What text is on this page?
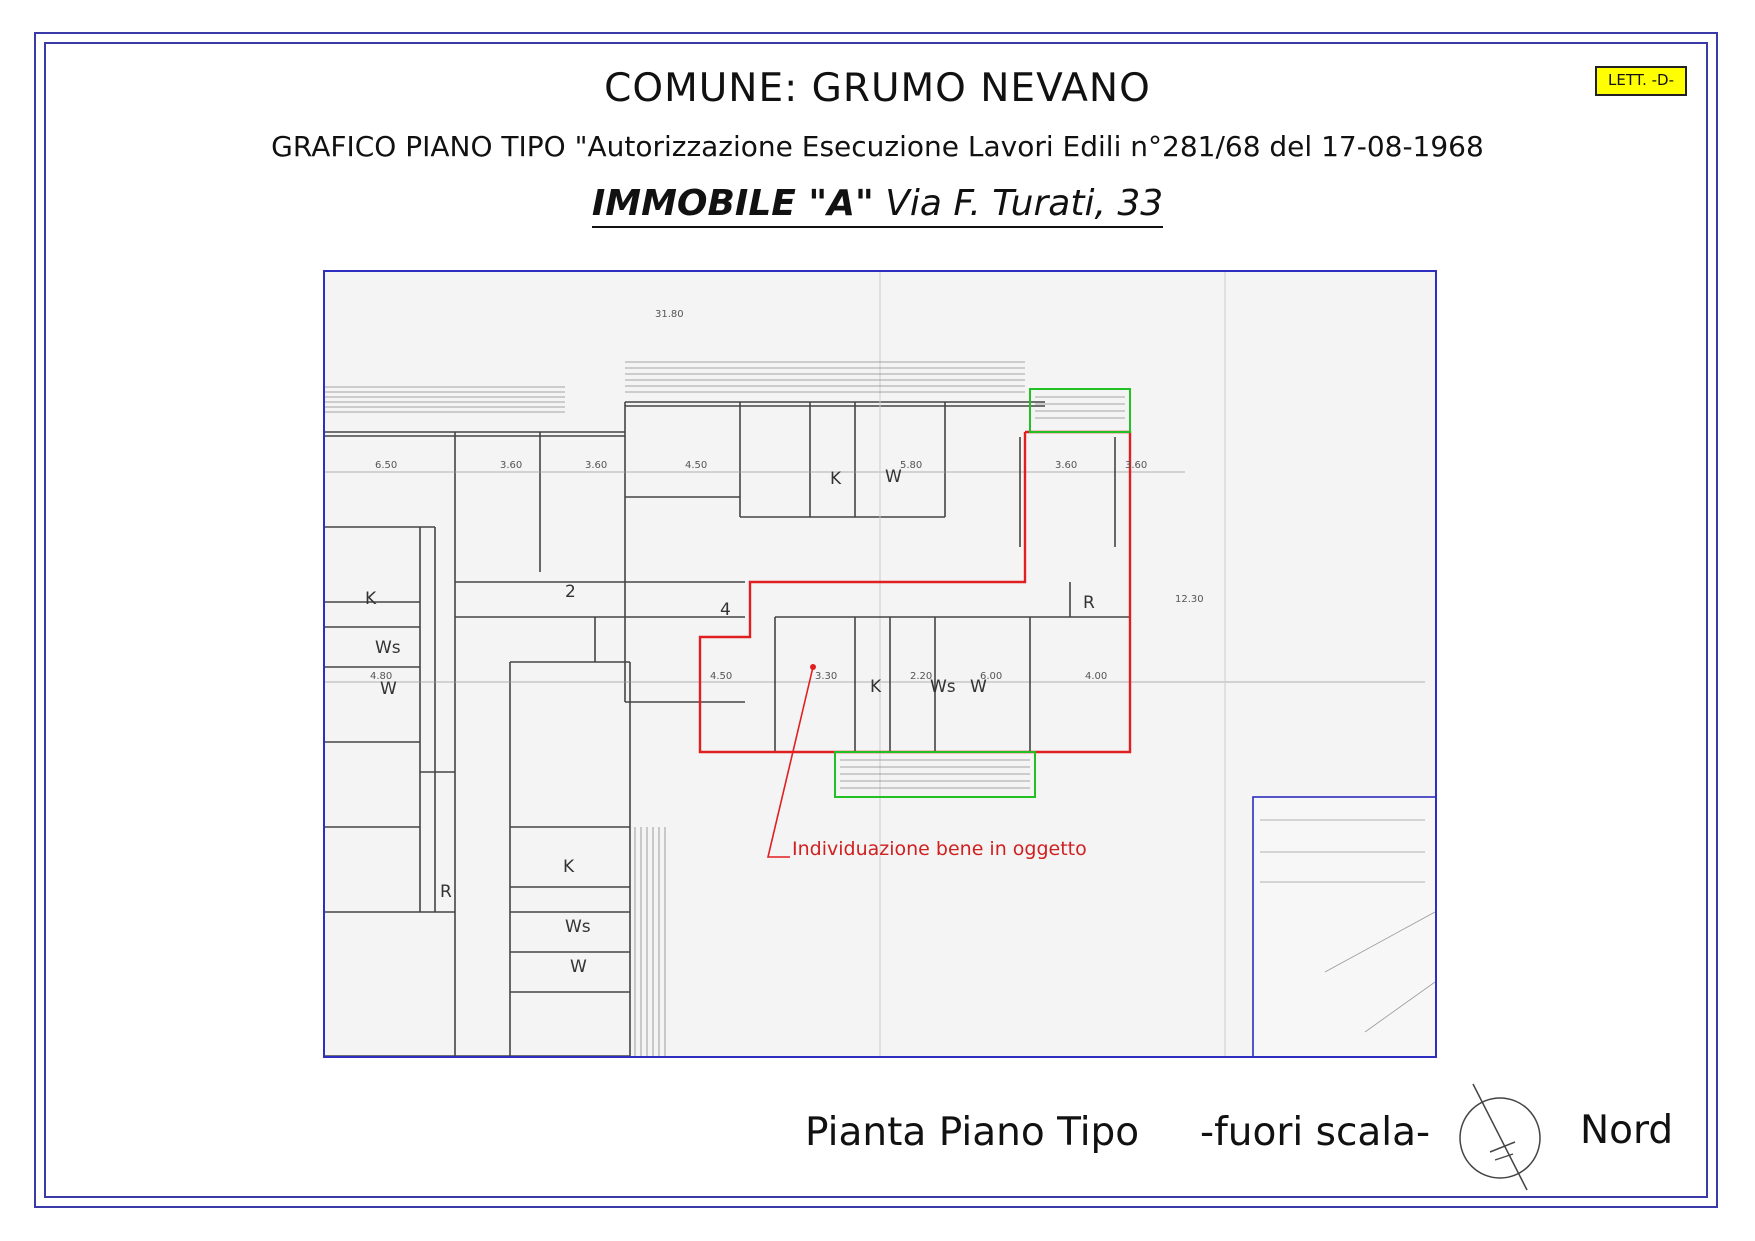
COMUNE: GRUMO NEVANO
GRAFICO PIANO TIPO "Autorizzazione Esecuzione Lavori Edili n°281/68 del 17-08-1968
IMMOBILE "A" Via F. Turati, 33
LETT. -D-
K	W
K	Ws W
R
K
Ws
W
R
K
Ws
W
2
4
31.80
6.50	3.60	3.60	4.50	5.80	3.60	3.60
4.80	4.50	3.30	2.20	6.00	4.00
12.30
Individuazione bene in oggetto
Pianta Piano Tipo -fuori scala-	Nord
